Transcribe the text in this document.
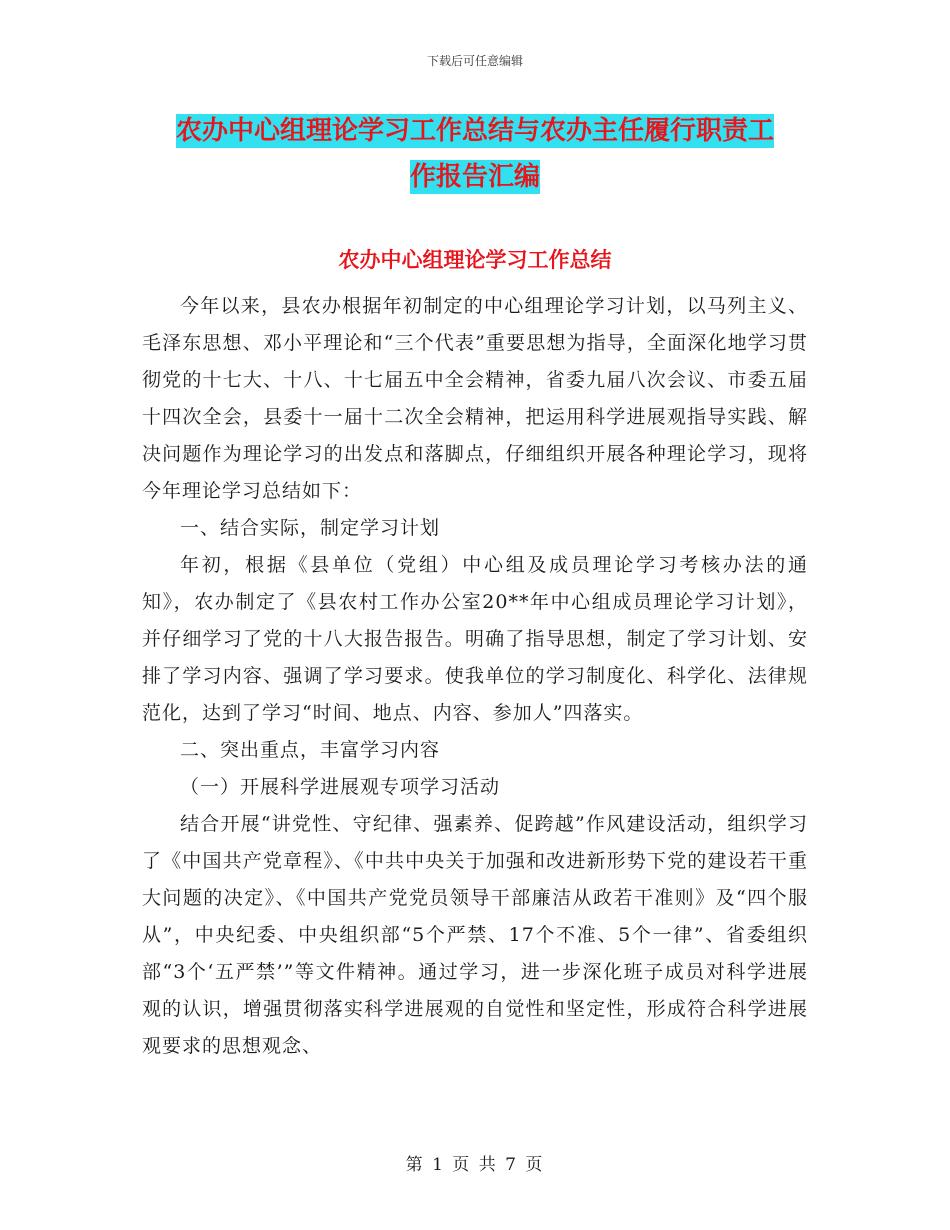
下载后可任意编辑
农办中心组理论学习工作总结与农办主任履行职责工
作报告汇编
农办中心组理论学习工作总结

今年以来，县农办根据年初制定的中心组理论学习计划，以马列主义、毛泽东思想、邓小平理论和“三个代表”重要思想为指导，全面深化地学习贯彻党的十七大、十八、十七届五中全会精神，省委九届八次会议、市委五届十四次全会，县委十一届十二次全会精神，把运用科学进展观指导实践、解决问题作为理论学习的出发点和落脚点，仔细组织开展各种理论学习，现将今年理论学习总结如下：

一、结合实际，制定学习计划

年初，根据《县单位（党组）中心组及成员理论学习考核办法的通知》，农办制定了《县农村工作办公室20**年中心组成员理论学习计划》，并仔细学习了党的十八大报告报告。明确了指导思想，制定了学习计划、安排了学习内容、强调了学习要求。使我单位的学习制度化、科学化、法律规范化，达到了学习“时间、地点、内容、参加人”四落实。

二、突出重点，丰富学习内容

（一）开展科学进展观专项学习活动

结合开展“讲党性、守纪律、强素养、促跨越”作风建设活动，组织学习了《中国共产党章程》、《中共中央关于加强和改进新形势下党的建设若干重大问题的决定》、《中国共产党党员领导干部廉洁从政若干准则》及“四个服从”，中央纪委、中央组织部“5个严禁、17个不准、5个一律”、省委组织部“3个‘五严禁’”等文件精神。通过学习，进一步深化班子成员对科学进展观的认识，增强贯彻落实科学进展观的自觉性和坚定性，形成符合科学进展观要求的思想观念、

第 1 页 共 7 页
